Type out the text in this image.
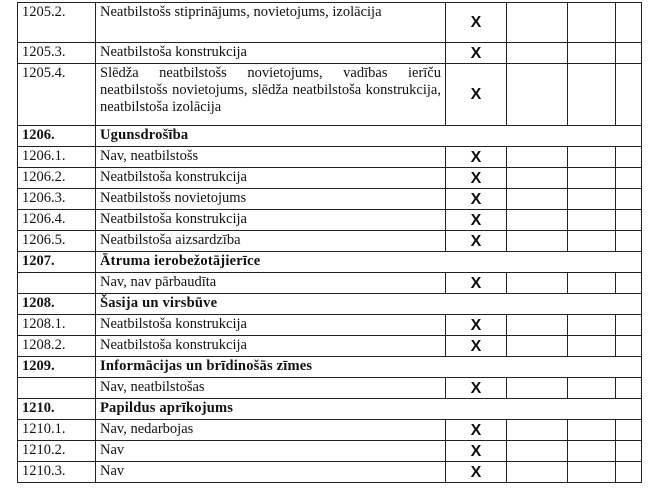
1205.2.	Neatbilstošs stiprinājums, novietojums, izolācija	X			
1205.3.	Neatbilstoša konstrukcija	X			
1205.4.	Slēdža neatbilstošs novietojums, vadības ierīču neatbilstošs novietojums, slēdža neatbilstoša konstrukcija, neatbilstoša izolācija	X			
1206.	Ugunsdrošība				
1206.1.	Nav, neatbilstošs	X			
1206.2.	Neatbilstoša konstrukcija	X			
1206.3.	Neatbilstošs novietojums	X			
1206.4.	Neatbilstoša konstrukcija	X			
1206.5.	Neatbilstoša aizsardzība	X			
1207.	Ātruma ierobežotājierīce				
	Nav, nav pārbaudīta	X			
1208.	Šasija un virsbūve				
1208.1.	Neatbilstoša konstrukcija	X			
1208.2.	Neatbilstoša konstrukcija	X			
1209.	Informācijas un brīdinošās zīmes				
	Nav, neatbilstošas	X			
1210.	Papildus aprīkojums				
1210.1.	Nav, nedarbojas	X			
1210.2.	Nav	X			
1210.3.	Nav	X			
